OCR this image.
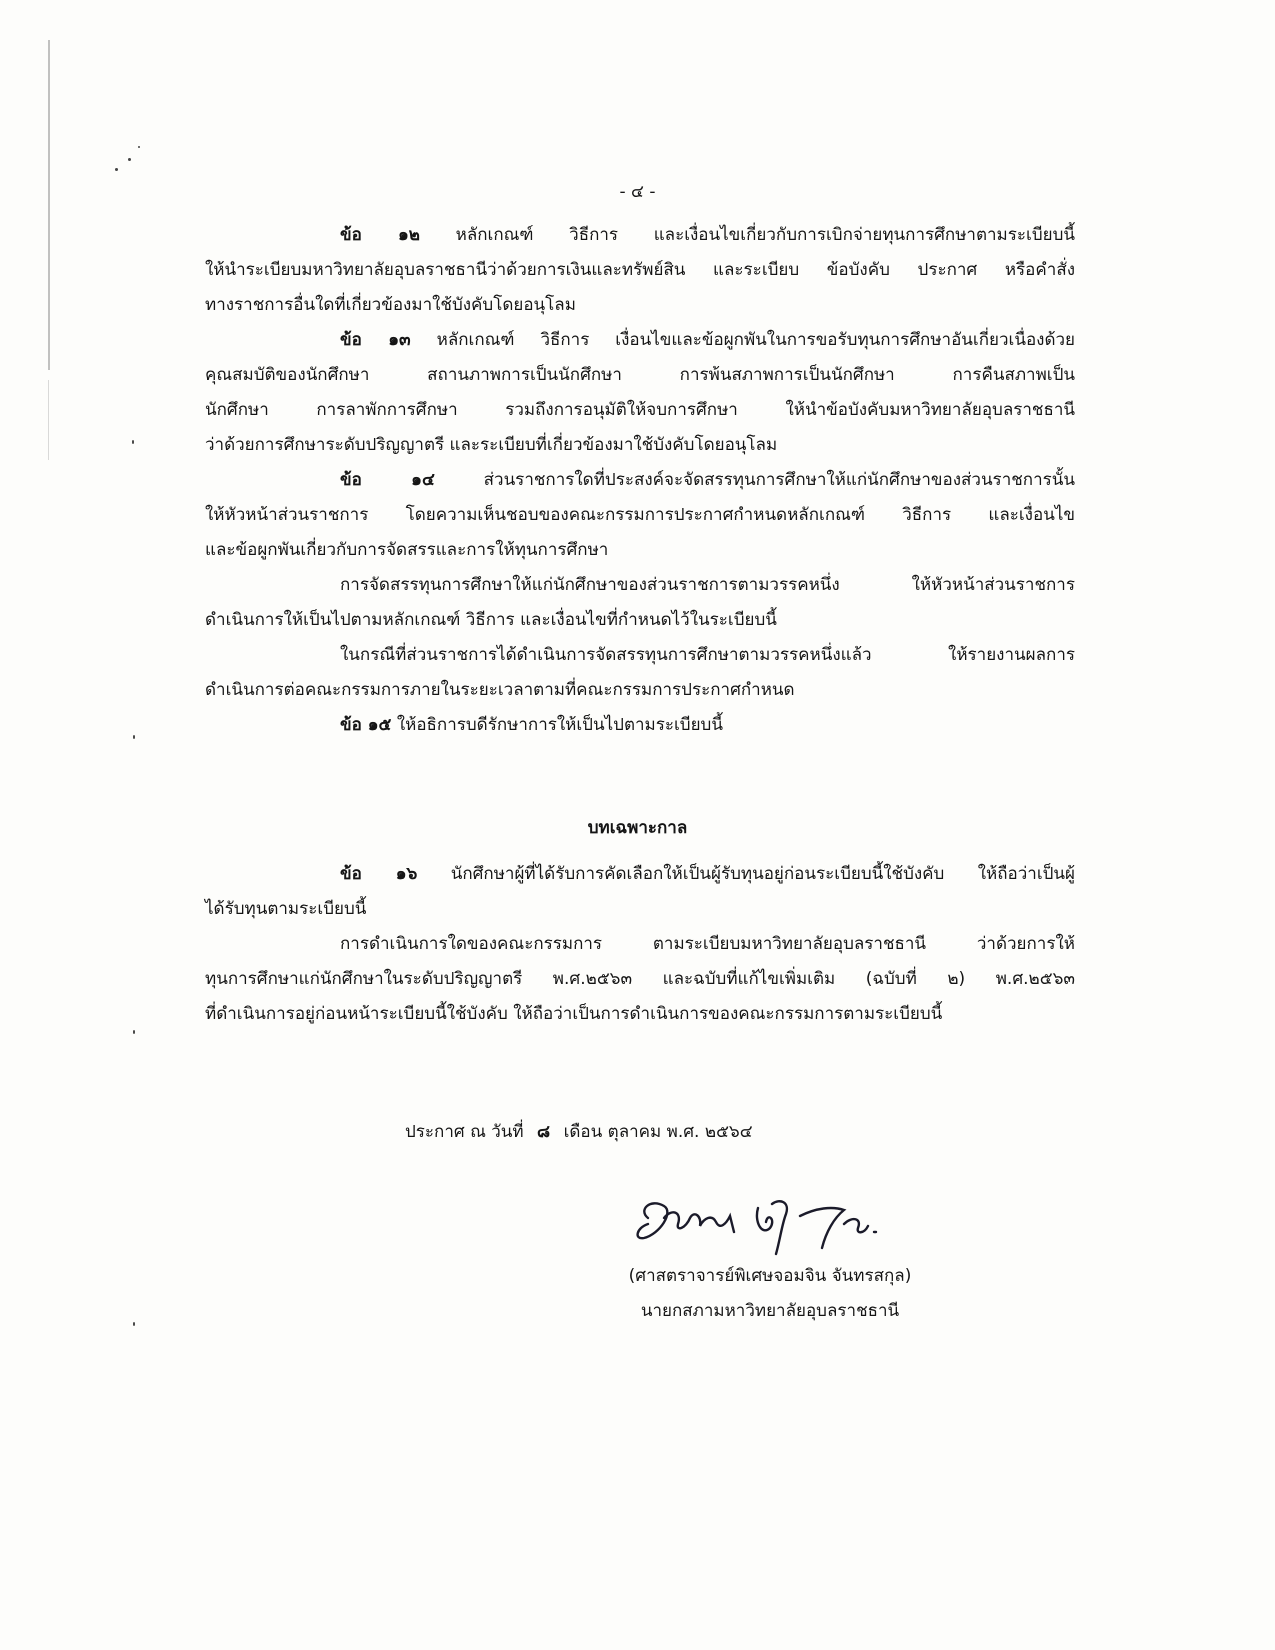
- ๔ -
ข้อ ๑๒ หลักเกณฑ์ วิธีการ และเงื่อนไขเกี่ยวกับการเบิกจ่ายทุนการศึกษาตามระเบียบนี้
ให้นำระเบียบมหาวิทยาลัยอุบลราชธานีว่าด้วยการเงินและทรัพย์สิน และระเบียบ ข้อบังคับ ประกาศ หรือคำสั่ง
ทางราชการอื่นใดที่เกี่ยวข้องมาใช้บังคับโดยอนุโลม
ข้อ ๑๓ หลักเกณฑ์ วิธีการ เงื่อนไขและข้อผูกพันในการขอรับทุนการศึกษาอันเกี่ยวเนื่องด้วย
คุณสมบัติของนักศึกษา สถานภาพการเป็นนักศึกษา การพ้นสภาพการเป็นนักศึกษา การคืนสภาพเป็น
นักศึกษา การลาพักการศึกษา รวมถึงการอนุมัติให้จบการศึกษา ให้นำข้อบังคับมหาวิทยาลัยอุบลราชธานี
ว่าด้วยการศึกษาระดับปริญญาตรี และระเบียบที่เกี่ยวข้องมาใช้บังคับโดยอนุโลม
ข้อ ๑๔	ส่วนราชการใดที่ประสงค์จะจัดสรรทุนการศึกษาให้แก่นักศึกษาของส่วนราชการนั้น
ให้หัวหน้าส่วนราชการ โดยความเห็นชอบของคณะกรรมการประกาศกำหนดหลักเกณฑ์ วิธีการ และเงื่อนไข
และข้อผูกพันเกี่ยวกับการจัดสรรและการให้ทุนการศึกษา
การจัดสรรทุนการศึกษาให้แก่นักศึกษาของส่วนราชการตามวรรคหนึ่ง ให้หัวหน้าส่วนราชการ
ดำเนินการให้เป็นไปตามหลักเกณฑ์ วิธีการ และเงื่อนไขที่กำหนดไว้ในระเบียบนี้
ในกรณีที่ส่วนราชการได้ดำเนินการจัดสรรทุนการศึกษาตามวรรคหนึ่งแล้ว ให้รายงานผลการ
ดำเนินการต่อคณะกรรมการภายในระยะเวลาตามที่คณะกรรมการประกาศกำหนด
ข้อ ๑๕ ให้อธิการบดีรักษาการให้เป็นไปตามระเบียบนี้
บทเฉพาะกาล
ข้อ ๑๖ นักศึกษาผู้ที่ได้รับการคัดเลือกให้เป็นผู้รับทุนอยู่ก่อนระเบียบนี้ใช้บังคับ ให้ถือว่าเป็นผู้
ได้รับทุนตามระเบียบนี้
การดำเนินการใดของคณะกรรมการ ตามระเบียบมหาวิทยาลัยอุบลราชธานี ว่าด้วยการให้
ทุนการศึกษาแก่นักศึกษาในระดับปริญญาตรี พ.ศ.๒๕๖๓ และฉบับที่แก้ไขเพิ่มเติม (ฉบับที่ ๒) พ.ศ.๒๕๖๓
ที่ดำเนินการอยู่ก่อนหน้าระเบียบนี้ใช้บังคับ ให้ถือว่าเป็นการดำเนินการของคณะกรรมการตามระเบียบนี้
ประกาศ ณ วันที่ ๘ เดือน ตุลาคม พ.ศ. ๒๕๖๔
(ศาสตราจารย์พิเศษจอมจิน จันทรสกุล)
นายกสภามหาวิทยาลัยอุบลราชธานี
